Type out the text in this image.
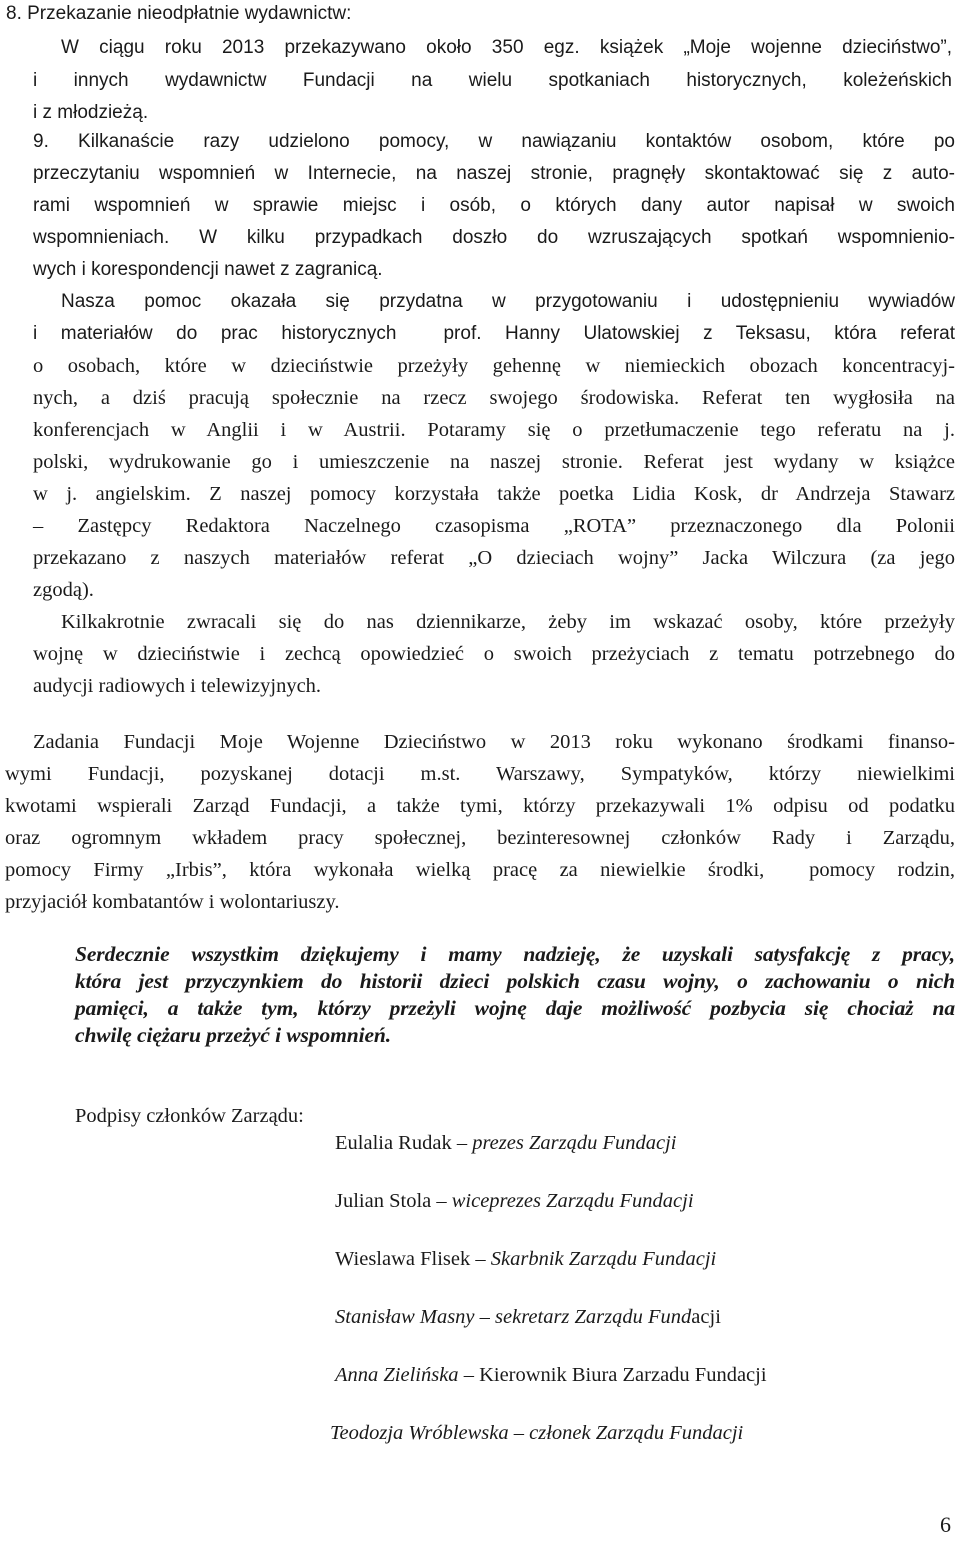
8. Przekazanie nieodpłatnie wydawnictw:

W ciągu roku 2013 przekazywano około 350 egz. książek „Moje wojenne dzieciństwo”,

i innych wydawnictw Fundacji na wielu spotkaniach historycznych, koleżeńskich

i z młodzieżą.

9. Kilkanaście razy udzielono pomocy, w nawiązaniu kontaktów osobom, które po

przeczytaniu wspomnień w Internecie, na naszej stronie, pragnęły skontaktować się z auto-

rami wspomnień w sprawie miejsc i osób, o których dany autor napisał w swoich

wspomnieniach. W kilku przypadkach doszło do wzruszających spotkań wspomnienio-

wych i korespondencji nawet z zagranicą.

Nasza pomoc okazała się przydatna w przygotowaniu i udostępnieniu wywiadów

i materiałów do prac historycznych  prof. Hanny Ulatowskiej z Teksasu, która referat

o osobach, które w dzieciństwie przeżyły gehennę w niemieckich obozach koncentracyj-

nych, a dziś pracują społecznie na rzecz swojego środowiska. Referat ten wygłosiła na

konferencjach w Anglii i w Austrii. Potaramy się o przetłumaczenie tego referatu na j.

polski, wydrukowanie go i umieszczenie na naszej stronie. Referat jest wydany w książce

w j. angielskim. Z naszej pomocy korzystała także poetka Lidia Kosk, dr Andrzeja Stawarz

– Zastępcy Redaktora Naczelnego czasopisma „ROTA” przeznaczonego dla Polonii

przekazano z naszych materiałów referat „O dzieciach wojny” Jacka Wilczura (za jego

zgodą).

Kilkakrotnie zwracali się do nas dziennikarze, żeby im wskazać osoby, które przeżyły

wojnę w dzieciństwie i zechcą opowiedzieć o swoich przeżyciach z tematu potrzebnego do

audycji radiowych i telewizyjnych.

Zadania Fundacji Moje Wojenne Dzieciństwo w 2013 roku wykonano środkami finanso-

wymi Fundacji, pozyskanej dotacji m.st. Warszawy, Sympatyków, którzy niewielkimi

kwotami wspierali Zarząd Fundacji, a także tymi, którzy przekazywali 1% odpisu od podatku

oraz ogromnym wkładem pracy społecznej, bezinteresownej członków Rady i Zarządu,

pomocy Firmy „Irbis”, która wykonała wielką pracę za niewielkie środki,  pomocy rodzin,

przyjaciół kombatantów i wolontariuszy.

Serdecznie wszystkim dziękujemy i mamy nadzieję, że uzyskali satysfakcję z pracy,

która jest przyczynkiem do historii dzieci polskich czasu wojny, o zachowaniu o nich

pamięci, a także tym, którzy przeżyli wojnę daje możliwość pozbycia się chociaż na

chwilę ciężaru przeżyć i wspomnień.

Podpisy członków Zarządu:

Eulalia Rudak – prezes Zarządu Fundacji

Julian Stola – wiceprezes Zarządu Fundacji

Wieslawa Flisek – Skarbnik Zarządu Fundacji

Stanisław Masny – sekretarz Zarządu Fundacji

Anna Zielińska – Kierownik Biura Zarzadu Fundacji

Teodozja Wróblewska – członek Zarządu Fundacji

6
